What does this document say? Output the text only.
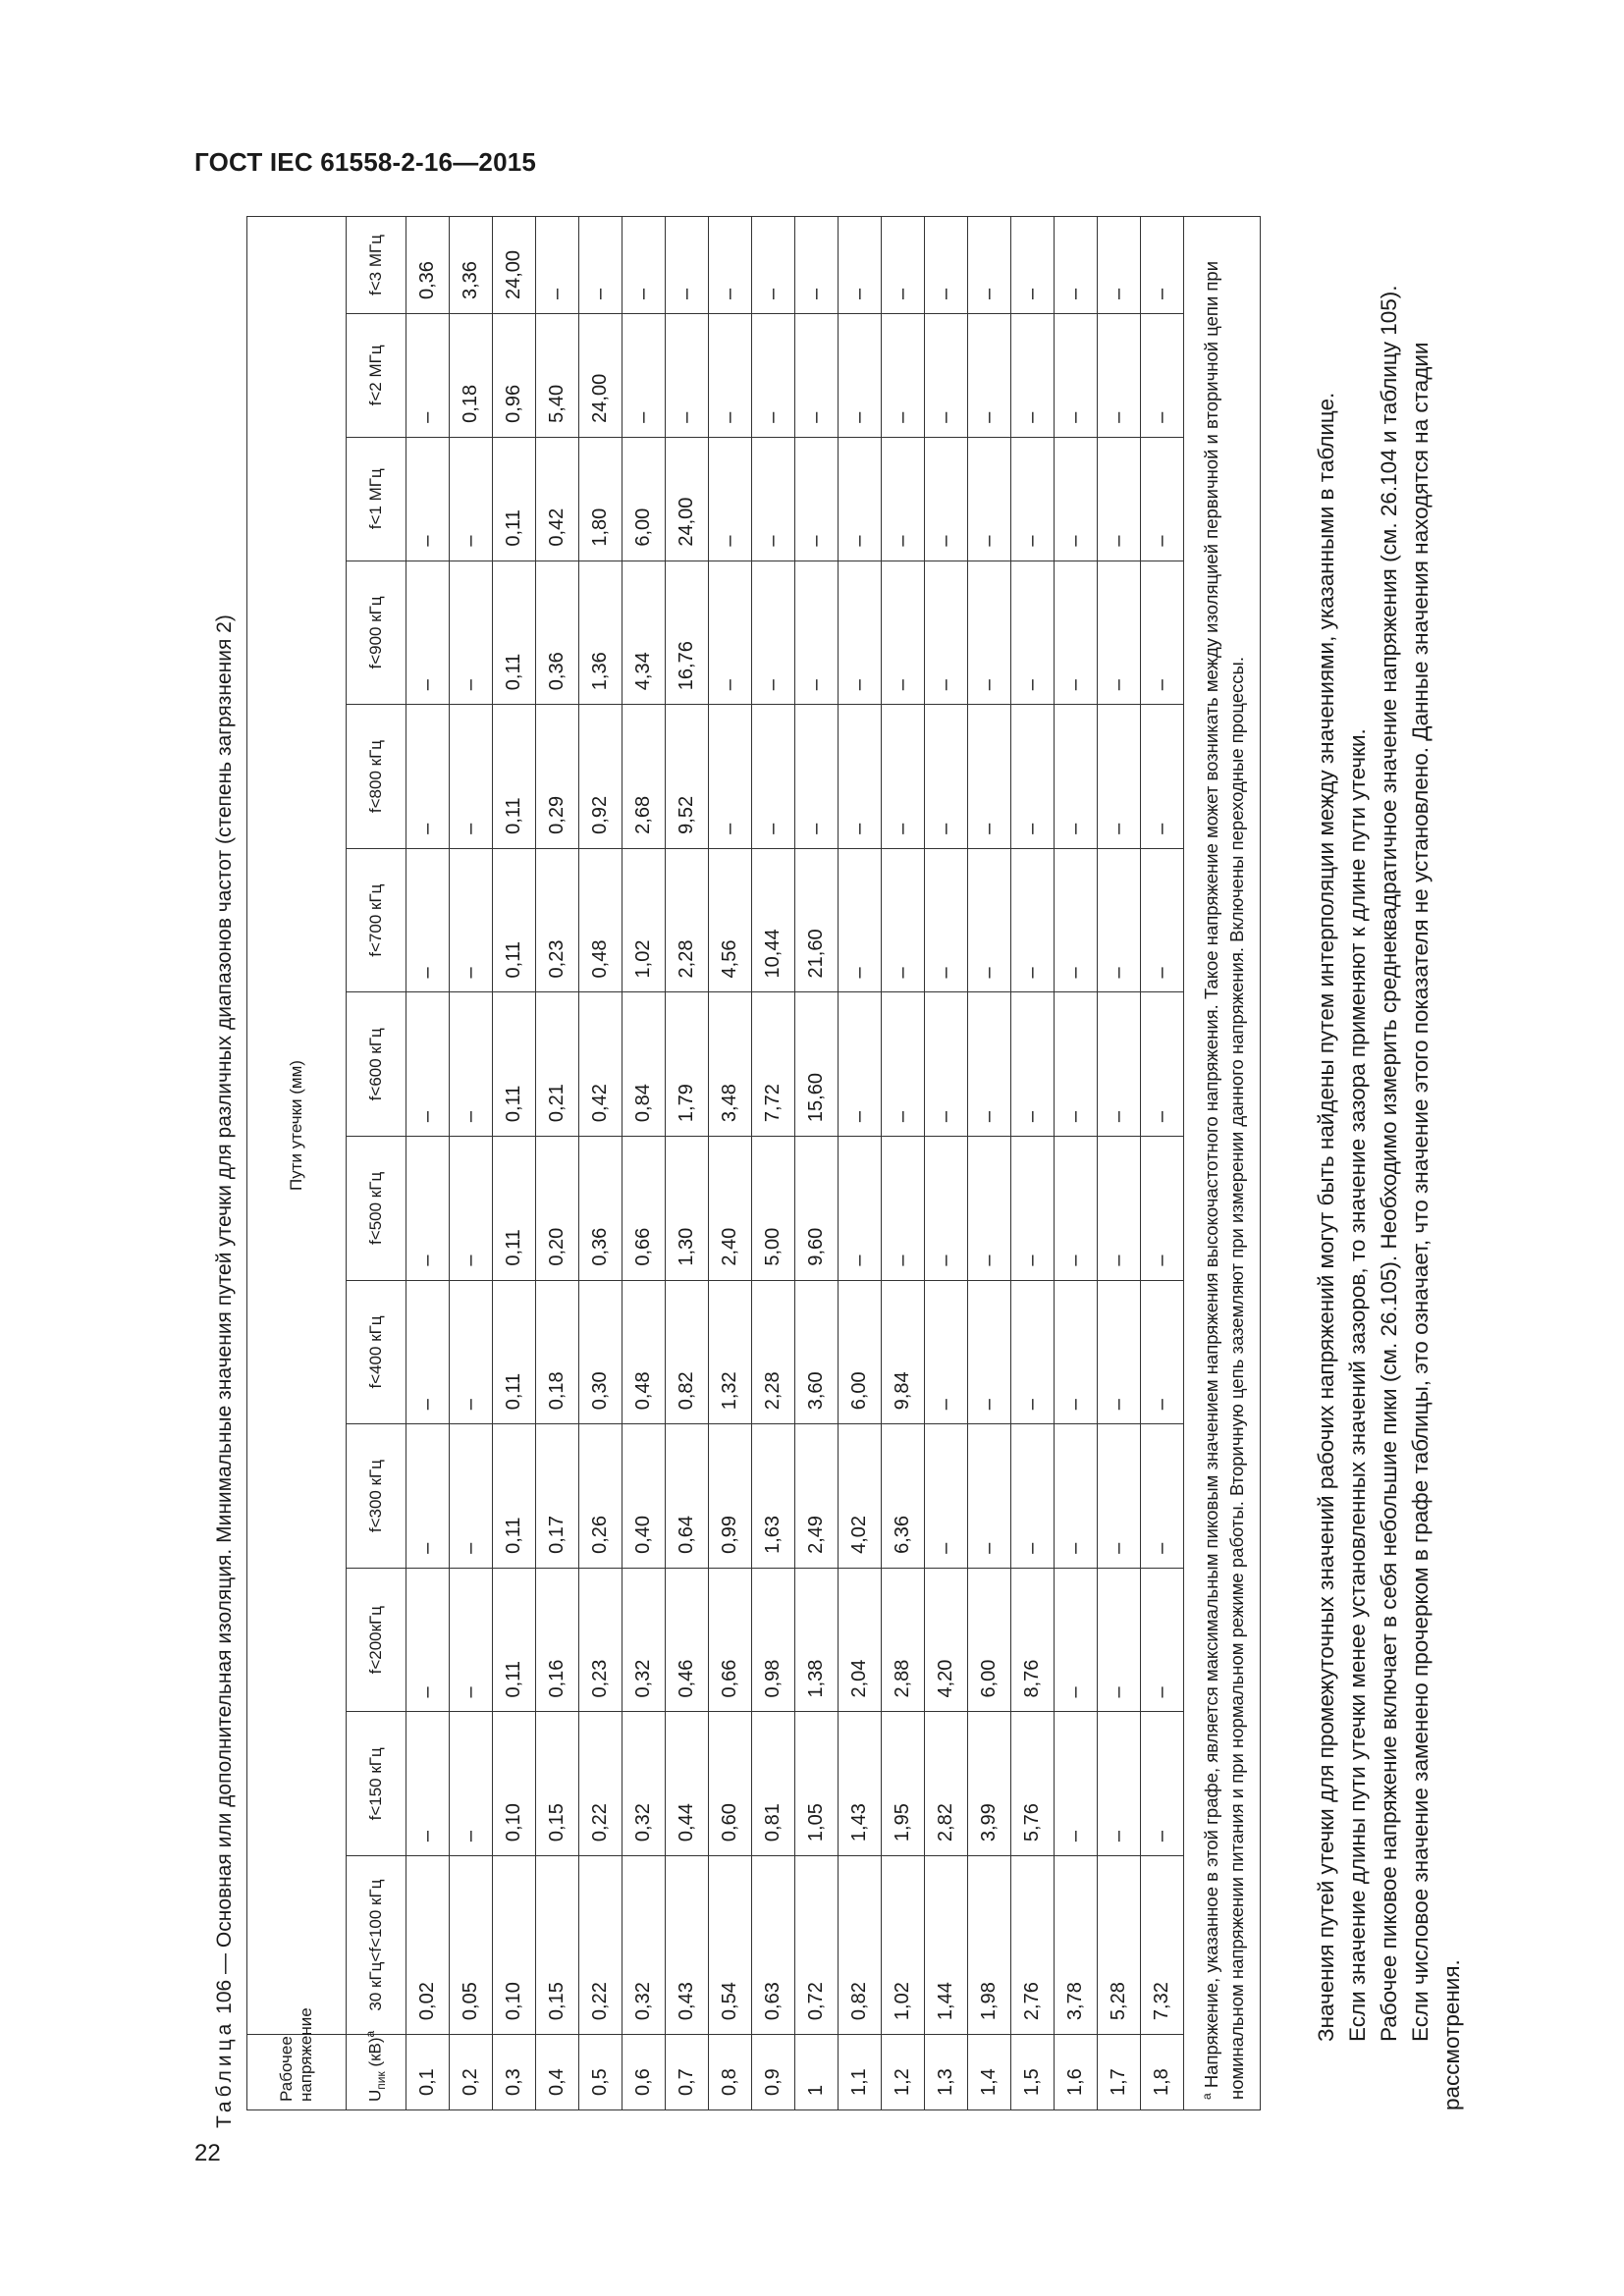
ГОСТ IEC 61558-2-16—2015
Таблица 106 — Основная или дополнительная изоляция. Минимальные значения путей утечки для различных диапазонов частот (степень загрязнения 2)
Рабочее
напряжение	Пути утечки (мм)												
$U_{пик}$ (кВ)$^a$	30 кГц<f<100 кГц	f<150 кГц	f<200кГц	f<300 кГц	f<400 кГц	f<500 кГц	f<600 кГц	f<700 кГц	f<800 кГц	f<900 кГц	f<1 МГц	f<2 МГц	f<3 МГц
0,1	0,02	–	–	–	–	–	–	–	–	–	–	–	0,36
0,2	0,05	–	–	–	–	–	–	–	–	–	–	0,18	3,36
0,3	0,10	0,10	0,11	0,11	0,11	0,11	0,11	0,11	0,11	0,11	0,11	0,96	24,00
0,4	0,15	0,15	0,16	0,17	0,18	0,20	0,21	0,23	0,29	0,36	0,42	5,40	–
0,5	0,22	0,22	0,23	0,26	0,30	0,36	0,42	0,48	0,92	1,36	1,80	24,00	–
0,6	0,32	0,32	0,32	0,40	0,48	0,66	0,84	1,02	2,68	4,34	6,00	–	–
0,7	0,43	0,44	0,46	0,64	0,82	1,30	1,79	2,28	9,52	16,76	24,00	–	–
0,8	0,54	0,60	0,66	0,99	1,32	2,40	3,48	4,56	–	–	–	–	–
0,9	0,63	0,81	0,98	1,63	2,28	5,00	7,72	10,44	–	–	–	–	–
1	0,72	1,05	1,38	2,49	3,60	9,60	15,60	21,60	–	–	–	–	–
1,1	0,82	1,43	2,04	4,02	6,00	–	–	–	–	–	–	–	–
1,2	1,02	1,95	2,88	6,36	9,84	–	–	–	–	–	–	–	–
1,3	1,44	2,82	4,20	–	–	–	–	–	–	–	–	–	–
1,4	1,98	3,99	6,00	–	–	–	–	–	–	–	–	–	–
1,5	2,76	5,76	8,76	–	–	–	–	–	–	–	–	–	–
1,6	3,78	–	–	–	–	–	–	–	–	–	–	–	–
1,7	5,28	–	–	–	–	–	–	–	–	–	–	–	–
1,8	7,32	–	–	–	–	–	–	–	–	–	–	–	–
$^a$ Напряжение, указанное в этой графе, является максимальным пиковым значением напряжения высокочастотного напряжения. Такое напряжение может возникать между изоляцией первичной и вторичной цепи при номинальном напряжении питания и при нормальном режиме работы. Вторичную цепь заземляют при измерении данного напряжения. Включены переходные процессы.														Значения путей утечки для промежуточных значений рабочих напряжений могут быть найдены путем интерполяции между значениями, указанными в таблице. Если значение длины пути утечки менее установленных значений зазоров, то значение зазора применяют к длине пути утечки. Рабочее пиковое напряжение включает в себя небольшие пики (см. 26.105). Необходимо измерить среднеквадратичное значение напряжения (см. 26.104 и таблицу 105). Если числовое значение заменено прочерком в графе таблицы, это означает, что значение этого показателя не установлено. Данные значения находятся на стадии рассмотрения.

22
